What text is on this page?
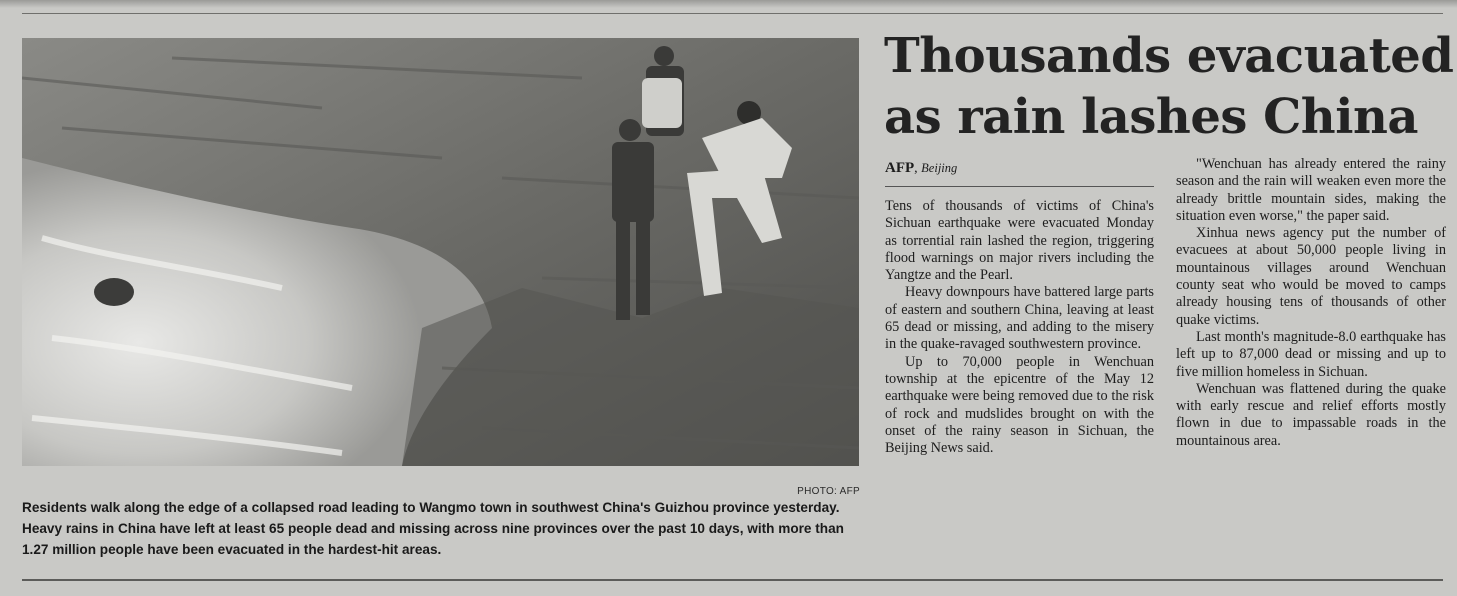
PHOTO: AFP
Residents walk along the edge of a collapsed road leading to Wangmo town in southwest China's Guizhou province yesterday. Heavy rains in China have left at least 65 people dead and missing across nine provinces over the past 10 days, with more than 1.27 million people have been evacuated in the hardest-hit areas.
Thousands evacuated as rain lashes China

AFP, Beijing

Tens of thousands of victims of China's Sichuan earthquake were evacuated Monday as torrential rain lashed the region, triggering flood warnings on major rivers including the Yangtze and the Pearl.

Heavy downpours have battered large parts of eastern and southern China, leaving at least 65 dead or missing, and adding to the misery in the quake-ravaged southwestern province.

Up to 70,000 people in Wenchuan township at the epicentre of the May 12 earthquake were being removed due to the risk of rock and mudslides brought on with the onset of the rainy season in Sichuan, the Beijing News said.

"Wenchuan has already entered the rainy season and the rain will weaken even more the already brittle mountain sides, making the situation even worse," the paper said.

Xinhua news agency put the number of evacuees at about 50,000 people living in mountainous villages around Wenchuan county seat who would be moved to camps already housing tens of thousands of other quake victims.

Last month's magnitude-8.0 earthquake has left up to 87,000 dead or missing and up to five million homeless in Sichuan.

Wenchuan was flattened during the quake with early rescue and relief efforts mostly flown in due to impassable roads in the mountainous area.
